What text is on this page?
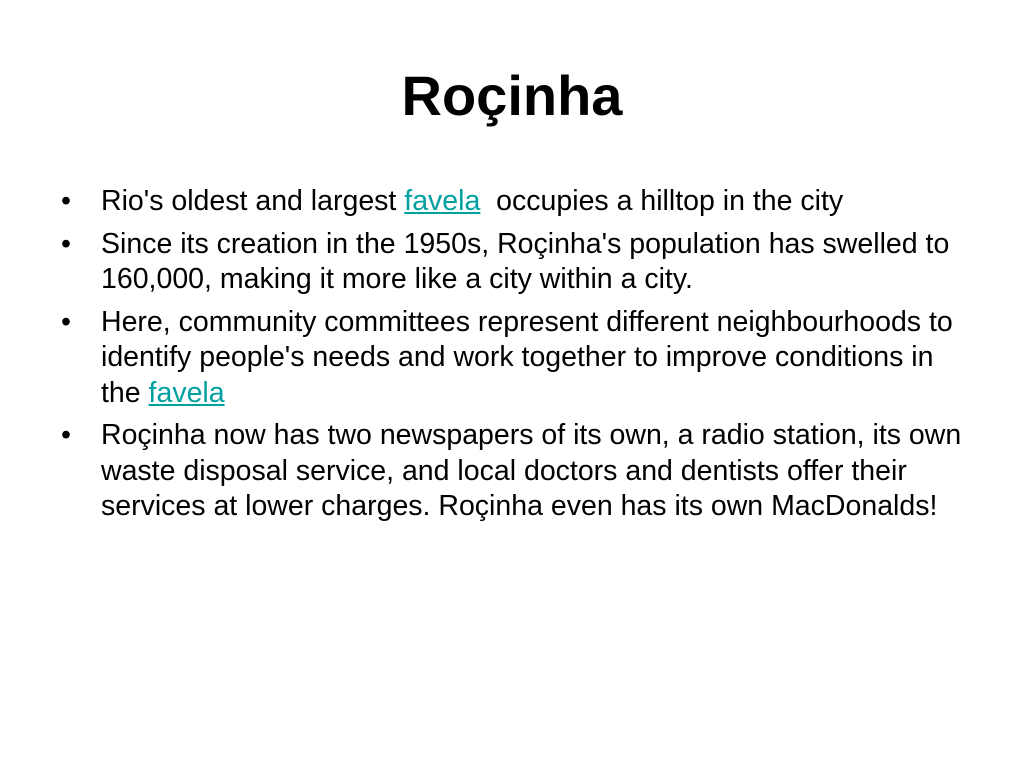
Roçinha
• Rio's oldest and largest favela  occupies a hilltop in the city
• Since its creation in the 1950s, Roçinha's population has swelled to 160,000, making it more like a city within a city.
• Here, community committees represent different neighbourhoods to identify people's needs and work together to improve conditions in the favela
• Roçinha now has two newspapers of its own, a radio station, its own waste disposal service, and local doctors and dentists offer their services at lower charges. Roçinha even has its own MacDonalds!
